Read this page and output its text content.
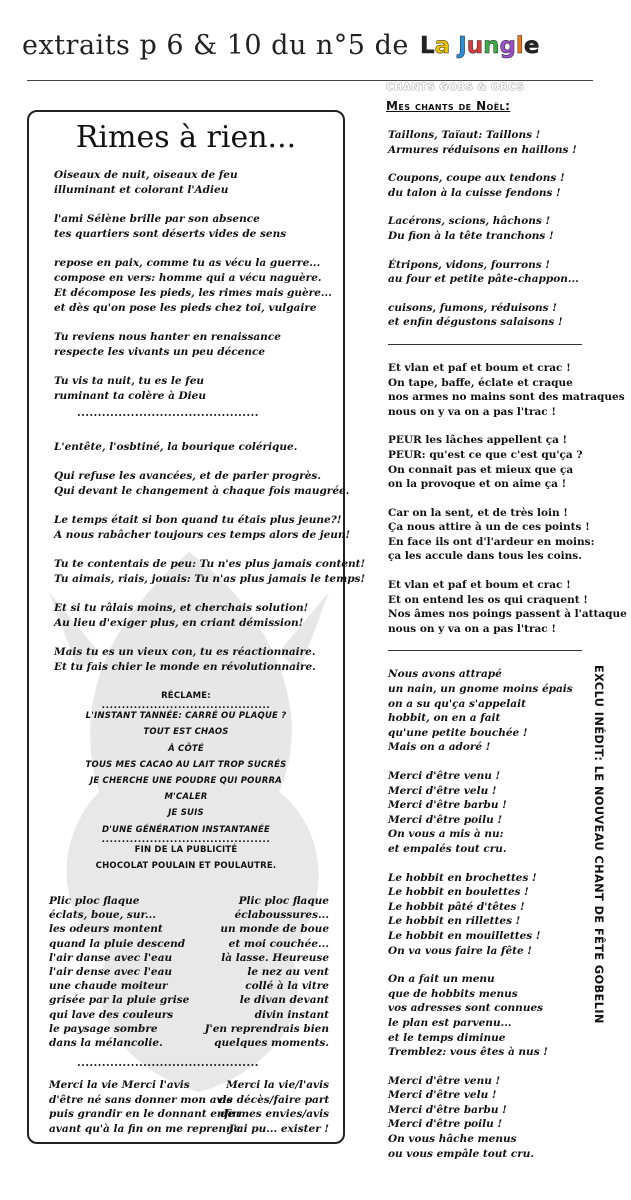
extraits p 6 & 10 du n°5 de La Jungle
Rimes à rien...
Oiseaux de nuit, oiseaux de feu
illuminant et colorant l'Adieu
l'ami Sélène brille par son absence
tes quartiers sont déserts vides de sens
repose en paix, comme tu as vécu la guerre...
compose en vers: homme qui a vécu naguère.
Et décompose les pieds, les rimes mais guère...
et dès qu'on pose les pieds chez toi, vulgaire
Tu reviens nous hanter en renaissance
respecte les vivants un peu décence
Tu vis ta nuit, tu es le feu
ruminant ta colère à Dieu
............................................
L'entête, l'osbtiné, la bourique colérique.
Qui refuse les avancées, et de parler progrès.
Qui devant le changement à chaque fois maugrée.
Le temps était si bon quand tu étais plus jeune?!
A nous rabâcher toujours ces temps alors de jeun!
Tu te contentais de peu: Tu n'es plus jamais content!
Tu aimais, riais, jouais: Tu n'as plus jamais le temps!
Et si tu râlais moins, et cherchais solution!
Au lieu d'exiger plus, en criant démission!
Mais tu es un vieux con, tu es réactionnaire.
Et tu fais chier le monde en révolutionnaire.
RÉCLAME:
..........................................
L'INSTANT TANNÉE: CARRÉ OU PLAQUE ?
TOUT EST CHAOS
À CÔTÉ
TOUS MES CACAO AU LAIT TROP SUCRÉS
JE CHERCHE UNE POUDRE QUI POURRA
M'CALER
JE SUIS
D'UNE GÉNÉRATION INSTANTANÉE
..........................................
FIN DE LA PUBLICITÉ
CHOCOLAT POULAIN ET POULAUTRE.
Plic ploc flaque
éclats, boue, sur...
les odeurs montent
quand la pluie descend
l'air danse avec l'eau
l'air dense avec l'eau
une chaude moiteur
grisée par la pluie grise
qui lave des couleurs
le paysage sombre
dans la mélancolie.
Plic ploc flaque
éclaboussures...
un monde de boue
et moi couchée...
là lasse. Heureuse
le nez au vent
collé à la vitre
le divan devant
divin instant
J'en reprendrais bien
quelques moments.
............................................
Merci la vie Merci l'avis
d'être né sans donner mon avis
puis grandir en le donnant enfin
avant qu'à la fin on me reprenne
Merci la vie/l'avis
de décès/faire part
de mes envies/avis
J'ai pu... exister !
CHANTS GOBS & ORCS
Mes chants de Noël:
Taillons, Taïaut: Taillons !
Armures réduisons en haillons !
Coupons, coupe aux tendons !
du talon à la cuisse fendons !
Lacérons, scions, hâchons !
Du fion à la tête tranchons !
Étripons, vidons, fourrons !
au four et petite pâte-chappon...
cuisons, fumons, réduisons !
et enfin dégustons salaisons !
Et vlan et paf et boum et crac !
On tape, baffe, éclate et craque
nos armes no mains sont des matraques
nous on y va on a pas l'trac !
PEUR les lâches appellent ça !
PEUR: qu'est ce que c'est qu'ça ?
On connait pas et mieux que ça
on la provoque et on aime ça !
Car on la sent, et de très loin !
Ça nous attire à un de ces points !
En face ils ont d'l'ardeur en moins:
ça les accule dans tous les coins.
Et vlan et paf et boum et crac !
Et on entend les os qui craquent !
Nos âmes nos poings passent à l'attaque
nous on y va on a pas l'trac !
Nous avons attrapé
un nain, un gnome moins épais
on a su qu'ça s'appelait
hobbit, on en a fait
qu'une petite bouchée !
Mais on a adoré !
Merci d'être venu !
Merci d'être velu !
Merci d'être barbu !
Merci d'être poilu !
On vous a mis à nu:
et empalés tout cru.
Le hobbit en brochettes !
Le hobbit en boulettes !
Le hobbit pâté d'têtes !
Le hobbit en rillettes !
Le hobbit en mouillettes !
On va vous faire la fête !
On a fait un menu
que de hobbits menus
vos adresses sont connues
le plan est parvenu...
et le temps diminue
Tremblez: vous êtes à nus !
Merci d'être venu !
Merci d'être velu !
Merci d'être barbu !
Merci d'être poilu !
On vous hâche menus
ou vous empâle tout cru.
EXCLU INÉDIT: LE NOUVEAU CHANT DE FÊTE GOBELIN
